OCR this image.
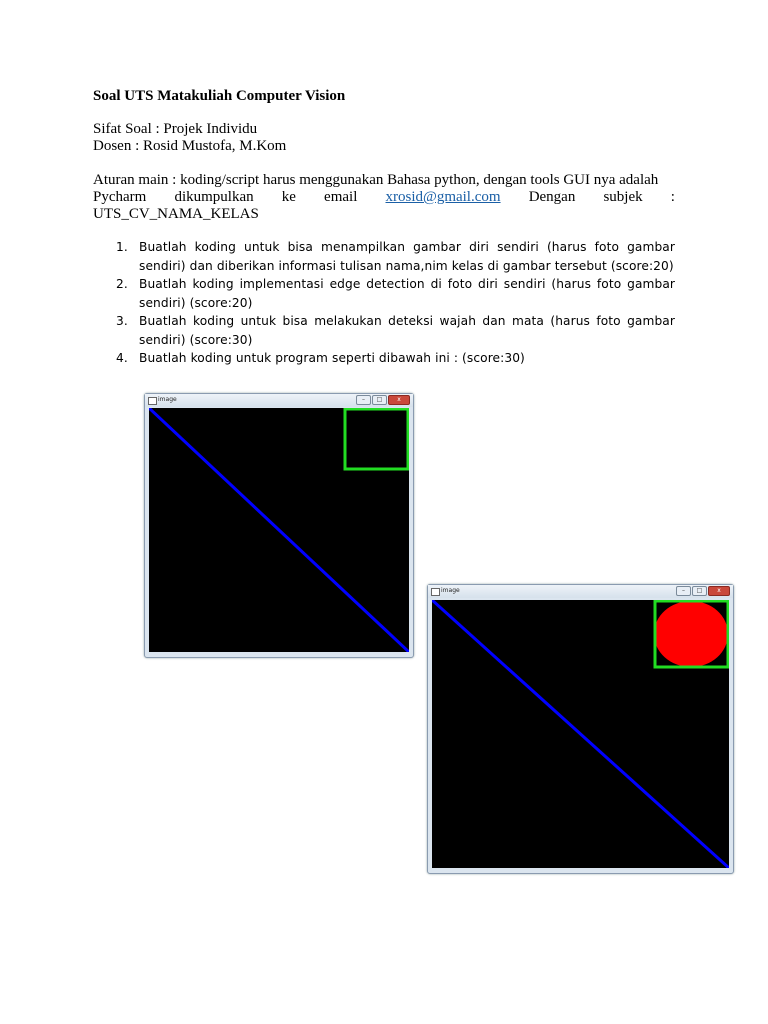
Soal UTS Matakuliah Computer Vision
Sifat Soal : Projek Individu
Dosen : Rosid Mustofa, M.Kom
Aturan main : koding/script harus menggunakan Bahasa python, dengan tools GUI nya adalah
Pycharm dikumpulkan ke email xrosid@gmail.com Dengan subjek :
UTS_CV_NAMA_KELAS
1. Buatlah koding untuk bisa menampilkan gambar diri sendiri (harus foto gambar sendiri) dan diberikan informasi tulisan nama,nim kelas di gambar tersebut (score:20)
2. Buatlah koding implementasi edge detection di foto diri sendiri (harus foto gambar sendiri) (score:20)
3. Buatlah koding untuk bisa melakukan deteksi wajah dan mata (harus foto gambar sendiri) (score:30)
4. Buatlah koding untuk program seperti dibawah ini : (score:30)
image	–	□	x
image	–	□	x
